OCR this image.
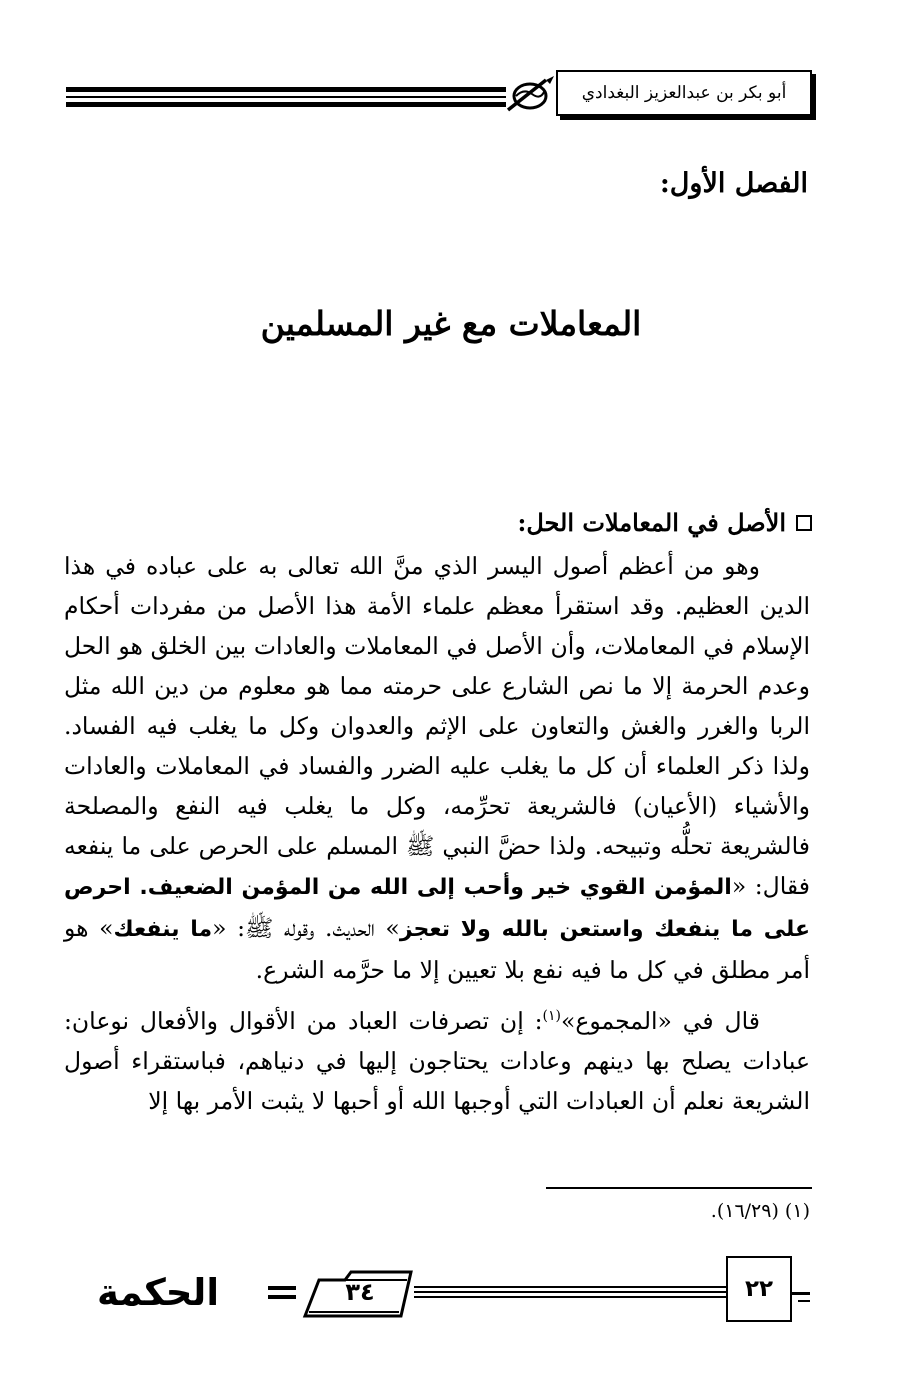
أبو بكر بن عبدالعزيز البغدادي
الفصل الأول:
المعاملات مع غير المسلمين
الأصل في المعاملات الحل:

وهو من أعظم أصول اليسر الذي منَّ الله تعالى به على عباده في هذا الدين العظيم. وقد استقرأ معظم علماء الأمة هذا الأصل من مفردات أحكام الإسلام في المعاملات، وأن الأصل في المعاملات والعادات بين الخلق هو الحل وعدم الحرمة إلا ما نص الشارع على حرمته مما هو معلوم من دين الله مثل الربا والغرر والغش والتعاون على الإثم والعدوان وكل ما يغلب فيه الفساد. ولذا ذكر العلماء أن كل ما يغلب عليه الضرر والفساد في المعاملات والعادات والأشياء (الأعيان) فالشريعة تحرِّمه، وكل ما يغلب فيه النفع والمصلحة فالشريعة تحلُّه وتبيحه. ولذا حضَّ النبي ﷺ المسلم على الحرص على ما ينفعه فقال: «المؤمن القوي خير وأحب إلى الله من المؤمن الضعيف. احرص على ما ينفعك واستعن بالله ولا تعجز» الحديث. وقوله ﷺ: «ما ينفعك» هو أمر مطلق في كل ما فيه نفع بلا تعيين إلا ما حرَّمه الشرع.

قال في «المجموع»$^{(١)}$: إن تصرفات العباد من الأقوال والأفعال نوعان: عبادات يصلح بها دينهم وعادات يحتاجون إليها في دنياهم، فباستقراء أصول الشريعة نعلم أن العبادات التي أوجبها الله أو أحبها لا يثبت الأمر بها إلا

(١) (١٦/٢٩).
الحكمة	٣٤	٢٢
